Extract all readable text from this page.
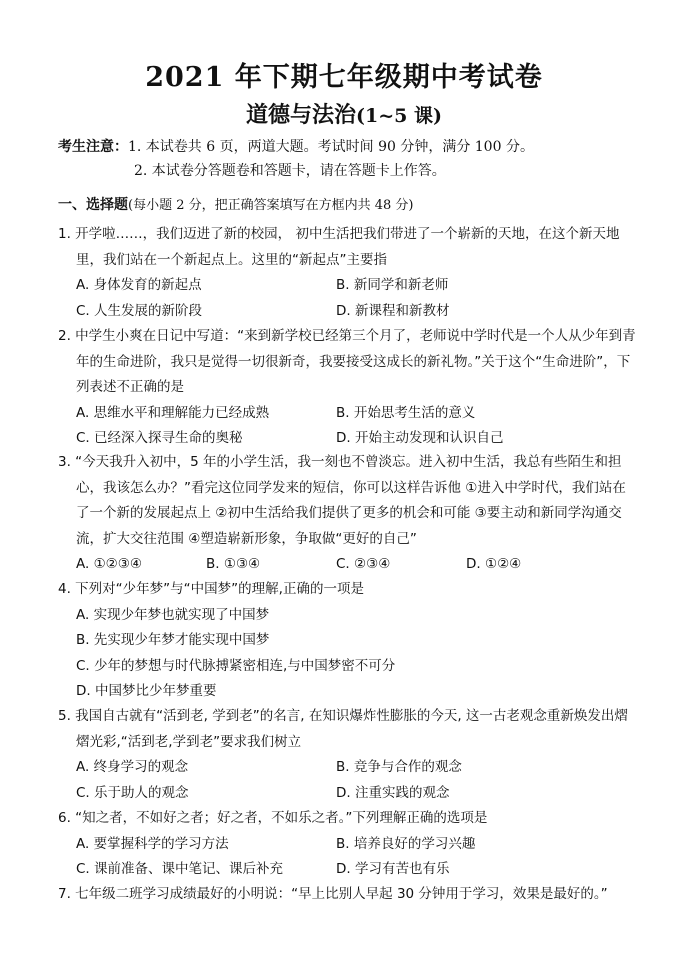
2021 年下期七年级期中考试卷
道德与法治(1~5 课)
考生注意：1. 本试卷共 6 页，两道大题。考试时间 90 分钟，满分 100 分。
2. 本试卷分答题卷和答题卡，请在答题卡上作答。
一、选择题(每小题 2 分，把正确答案填写在方框内共 48 分)
1. 开学啦……，我们迈进了新的校园， 初中生活把我们带进了一个崭新的天地，在这个新天地里，我们站在一个新起点上。这里的“新起点”主要指
A. 身体发育的新起点	B. 新同学和新老师
C. 人生发展的新阶段	D. 新课程和新教材
2. 中学生小爽在日记中写道：“来到新学校已经第三个月了，老师说中学时代是一个人从少年到青年的生命进阶，我只是觉得一切很新奇，我要接受这成长的新礼物。”关于这个“生命进阶”，下列表述不正确的是
A. 思维水平和理解能力已经成熟	B. 开始思考生活的意义
C. 已经深入探寻生命的奥秘	D. 开始主动发现和认识自己
3. “今天我升入初中，5 年的小学生活，我一刻也不曾淡忘。进入初中生活，我总有些陌生和担心，我该怎么办？”看完这位同学发来的短信，你可以这样告诉他 ①进入中学时代，我们站在了一个新的发展起点上 ②初中生活给我们提供了更多的机会和可能 ③要主动和新同学沟通交流，扩大交往范围 ④塑造崭新形象，争取做“更好的自己”
A. ①②③④	B. ①③④	C. ②③④	D. ①②④
4. 下列对“少年梦”与“中国梦”的理解,正确的一项是
A. 实现少年梦也就实现了中国梦
B. 先实现少年梦才能实现中国梦
C. 少年的梦想与时代脉搏紧密相连,与中国梦密不可分
D. 中国梦比少年梦重要
5. 我国自古就有“活到老, 学到老”的名言, 在知识爆炸性膨胀的今天, 这一古老观念重新焕发出熠熠光彩,“活到老,学到老”要求我们树立
A. 终身学习的观念	B. 竞争与合作的观念
C. 乐于助人的观念	D. 注重实践的观念
6. “知之者，不如好之者；好之者，不如乐之者。”下列理解正确的选项是
A. 要掌握科学的学习方法	B. 培养良好的学习兴趣
C. 课前准备、课中笔记、课后补充	D. 学习有苦也有乐
7. 七年级二班学习成绩最好的小明说：“早上比别人早起 30 分钟用于学习，效果是最好的。”
